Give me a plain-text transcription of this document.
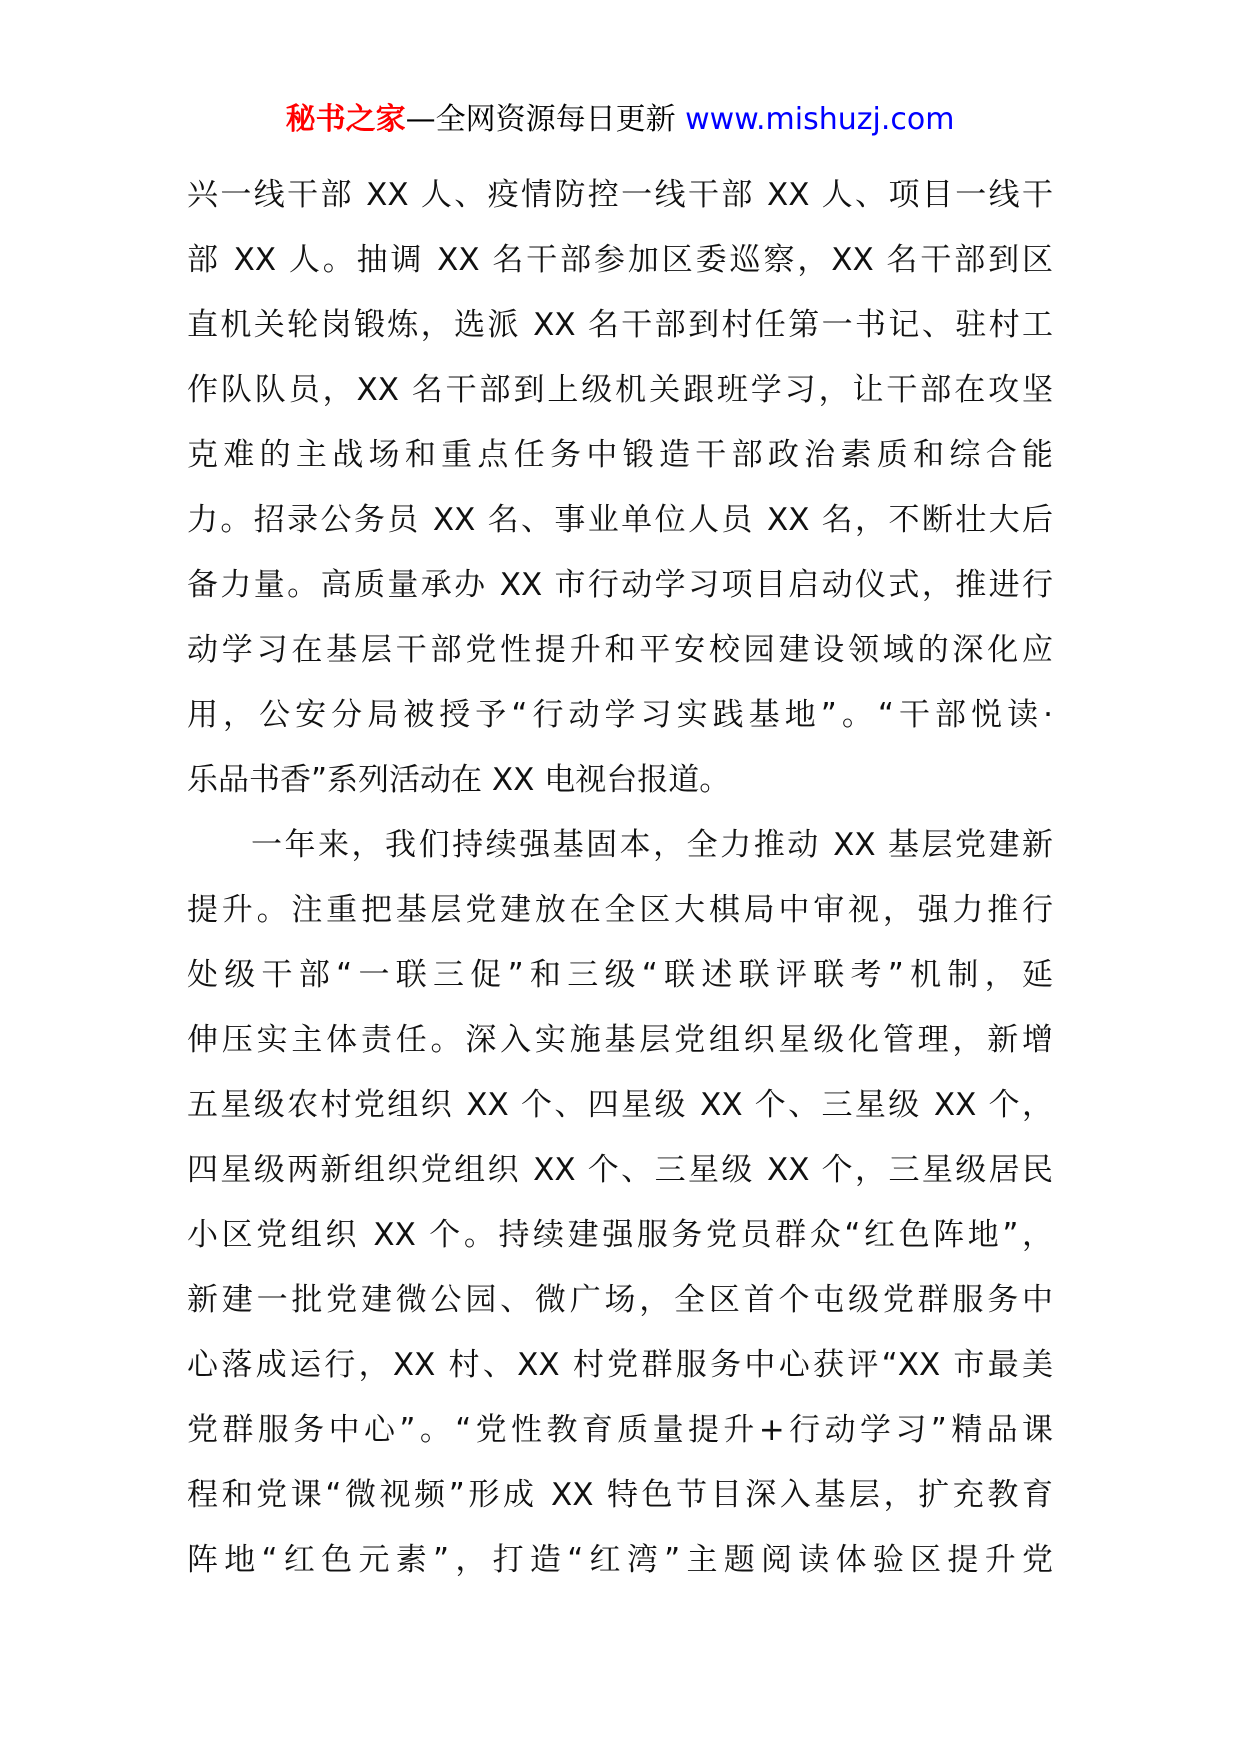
秘书之家—全网资源每日更新 www.mishuzj.com
兴一线干部 XX 人、疫情防控一线干部 XX 人、项目一线干
部 XX 人。抽调 XX 名干部参加区委巡察，XX 名干部到区
直机关轮岗锻炼，选派 XX 名干部到村任第一书记、驻村工
作队队员，XX 名干部到上级机关跟班学习，让干部在攻坚
克难的主战场和重点任务中锻造干部政治素质和综合能
力。招录公务员 XX 名、事业单位人员 XX 名，不断壮大后
备力量。高质量承办 XX 市行动学习项目启动仪式，推进行
动学习在基层干部党性提升和平安校园建设领域的深化应
用，公安分局被授予“行动学习实践基地”。“干部悦读·
乐品书香”系列活动在 XX 电视台报道。
一年来，我们持续强基固本，全力推动 XX 基层党建新
提升。注重把基层党建放在全区大棋局中审视，强力推行
处级干部“一联三促”和三级“联述联评联考”机制，延
伸压实主体责任。深入实施基层党组织星级化管理，新增
五星级农村党组织 XX 个、四星级 XX 个、三星级 XX 个，
四星级两新组织党组织 XX 个、三星级 XX 个，三星级居民
小区党组织 XX 个。持续建强服务党员群众“红色阵地”，
新建一批党建微公园、微广场，全区首个屯级党群服务中
心落成运行，XX 村、XX 村党群服务中心获评“XX 市最美
党群服务中心”。“党性教育质量提升+行动学习”精品课
程和党课“微视频”形成 XX 特色节目深入基层，扩充教育
阵地“红色元素”，打造“红湾”主题阅读体验区提升党
